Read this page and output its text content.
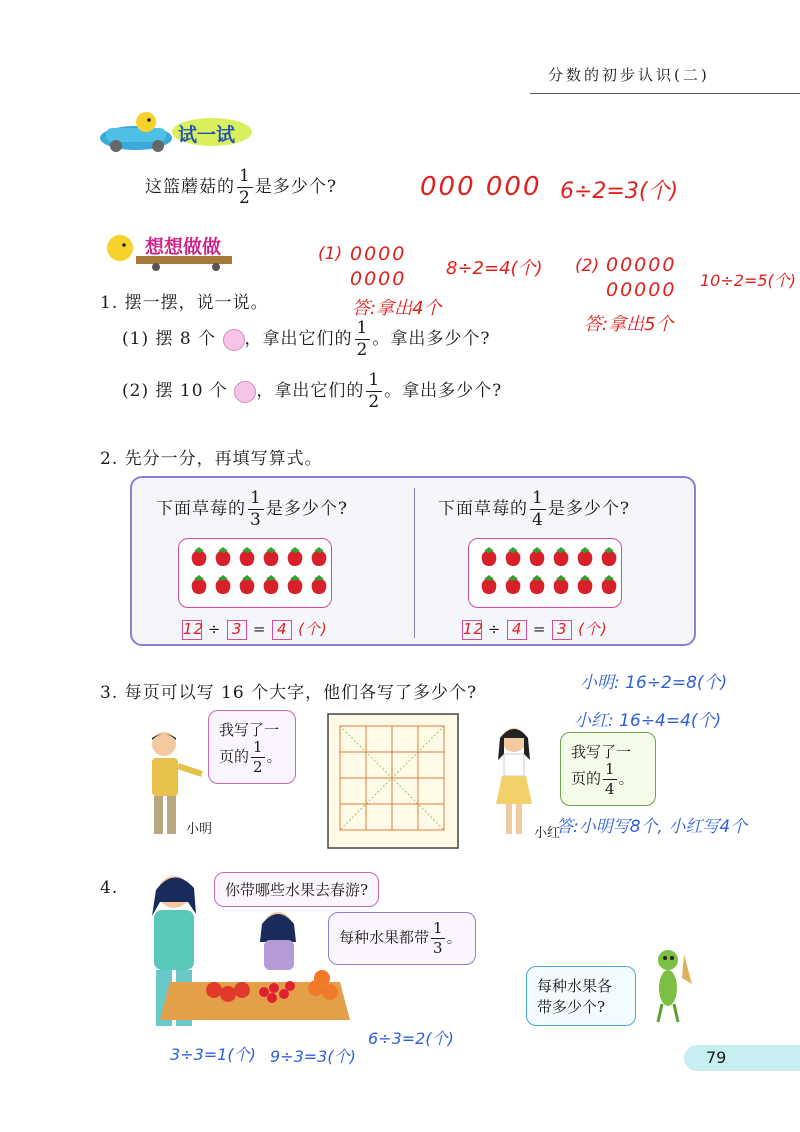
分数的初步认识(二)
试一试
这篮蘑菇的 $\frac{1}{2}$ 是多少个?	000 000 6÷2=3(个)
想想做做	(1) 0000
0000 8÷2=4(个)
答:拿出4个
(2) 00000
00000 10÷2=5(个)
答:拿出5个
1. 摆一摆，说一说。
(1) 摆 8 个 ，拿出它们的 $\frac{1}{2}$ 。拿出多少个?
(2) 摆 10 个 ，拿出它们的 $\frac{1}{2}$ 。拿出多少个?
2. 先分一分，再填写算式。
下面草莓的 $\frac{1}{3}$ 是多少个?
12 ÷ 3 = 4 (个)
下面草莓的 $\frac{1}{4}$ 是多少个?
12 ÷ 4 = 3 (个)
3. 每页可以写 16 个大字，他们各写了多少个?	小明: 16÷2=8(个)
小红: 16÷4=4(个)
答:小明写8个, 小红写4个
小明
我写了一
页的 $\frac{1}{2}$ 。
小红
我写了一
页的 $\frac{1}{4}$ 。
4.	你带哪些水果去春游?
每种水果都带 $\frac{1}{3}$ 。
每种水果各
带多少个?
3÷3=1(个) 9÷3=3(个)
6÷3=2(个)
79
